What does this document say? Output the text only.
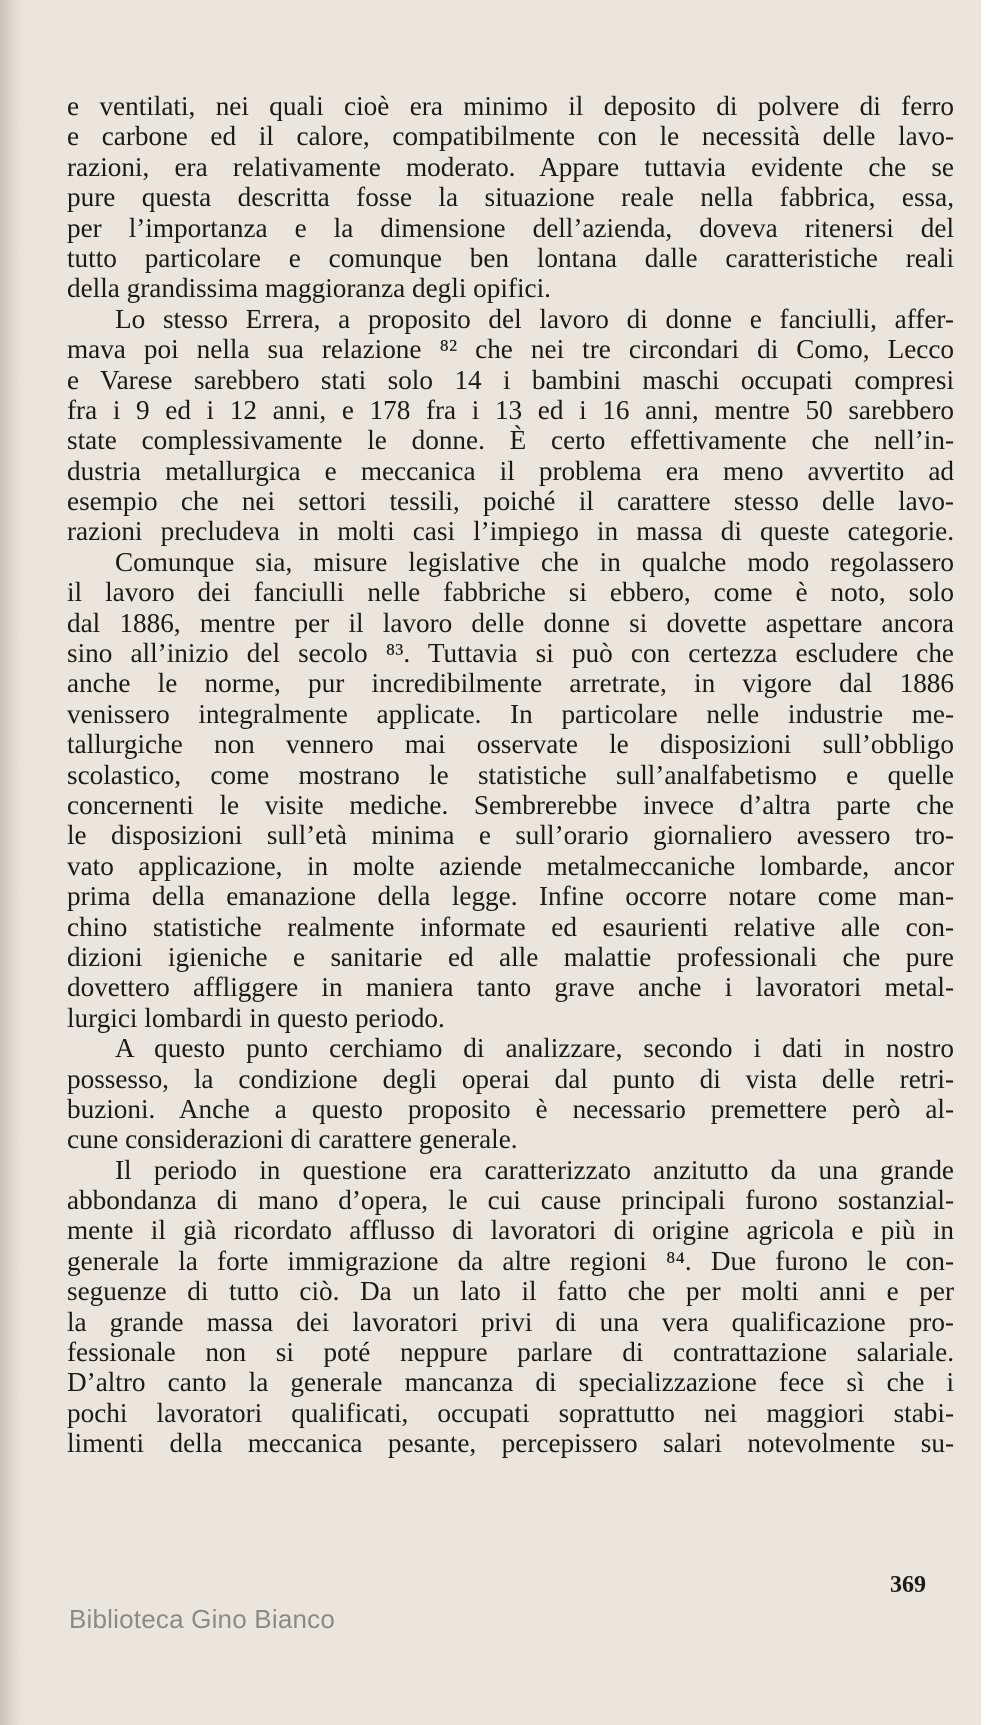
e ventilati, nei quali cioè era minimo il deposito di polvere di ferro
e carbone ed il calore, compatibilmente con le necessità delle lavo-
razioni, era relativamente moderato. Appare tuttavia evidente che se
pure questa descritta fosse la situazione reale nella fabbrica, essa,
per l’importanza e la dimensione dell’azienda, doveva ritenersi del
tutto particolare e comunque ben lontana dalle caratteristiche reali
della grandissima maggioranza degli opifici.
Lo stesso Errera, a proposito del lavoro di donne e fanciulli, affer-
mava poi nella sua relazione ⁸² che nei tre circondari di Como, Lecco
e Varese sarebbero stati solo 14 i bambini maschi occupati compresi
fra i 9 ed i 12 anni, e 178 fra i 13 ed i 16 anni, mentre 50 sarebbero
state complessivamente le donne. È certo effettivamente che nell’in-
dustria metallurgica e meccanica il problema era meno avvertito ad
esempio che nei settori tessili, poiché il carattere stesso delle lavo-
razioni precludeva in molti casi l’impiego in massa di queste categorie.
Comunque sia, misure legislative che in qualche modo regolassero
il lavoro dei fanciulli nelle fabbriche si ebbero, come è noto, solo
dal 1886, mentre per il lavoro delle donne si dovette aspettare ancora
sino all’inizio del secolo ⁸³. Tuttavia si può con certezza escludere che
anche le norme, pur incredibilmente arretrate, in vigore dal 1886
venissero integralmente applicate. In particolare nelle industrie me-
tallurgiche non vennero mai osservate le disposizioni sull’obbligo
scolastico, come mostrano le statistiche sull’analfabetismo e quelle
concernenti le visite mediche. Sembrerebbe invece d’altra parte che
le disposizioni sull’età minima e sull’orario giornaliero avessero tro-
vato applicazione, in molte aziende metalmeccaniche lombarde, ancor
prima della emanazione della legge. Infine occorre notare come man-
chino statistiche realmente informate ed esaurienti relative alle con-
dizioni igieniche e sanitarie ed alle malattie professionali che pure
dovettero affliggere in maniera tanto grave anche i lavoratori metal-
lurgici lombardi in questo periodo.
A questo punto cerchiamo di analizzare, secondo i dati in nostro
possesso, la condizione degli operai dal punto di vista delle retri-
buzioni. Anche a questo proposito è necessario premettere però al-
cune considerazioni di carattere generale.
Il periodo in questione era caratterizzato anzitutto da una grande
abbondanza di mano d’opera, le cui cause principali furono sostanzial-
mente il già ricordato afflusso di lavoratori di origine agricola e più in
generale la forte immigrazione da altre regioni ⁸⁴. Due furono le con-
seguenze di tutto ciò. Da un lato il fatto che per molti anni e per
la grande massa dei lavoratori privi di una vera qualificazione pro-
fessionale non si poté neppure parlare di contrattazione salariale.
D’altro canto la generale mancanza di specializzazione fece sì che i
pochi lavoratori qualificati, occupati soprattutto nei maggiori stabi-
limenti della meccanica pesante, percepissero salari notevolmente su-
369
Biblioteca Gino Bianco
